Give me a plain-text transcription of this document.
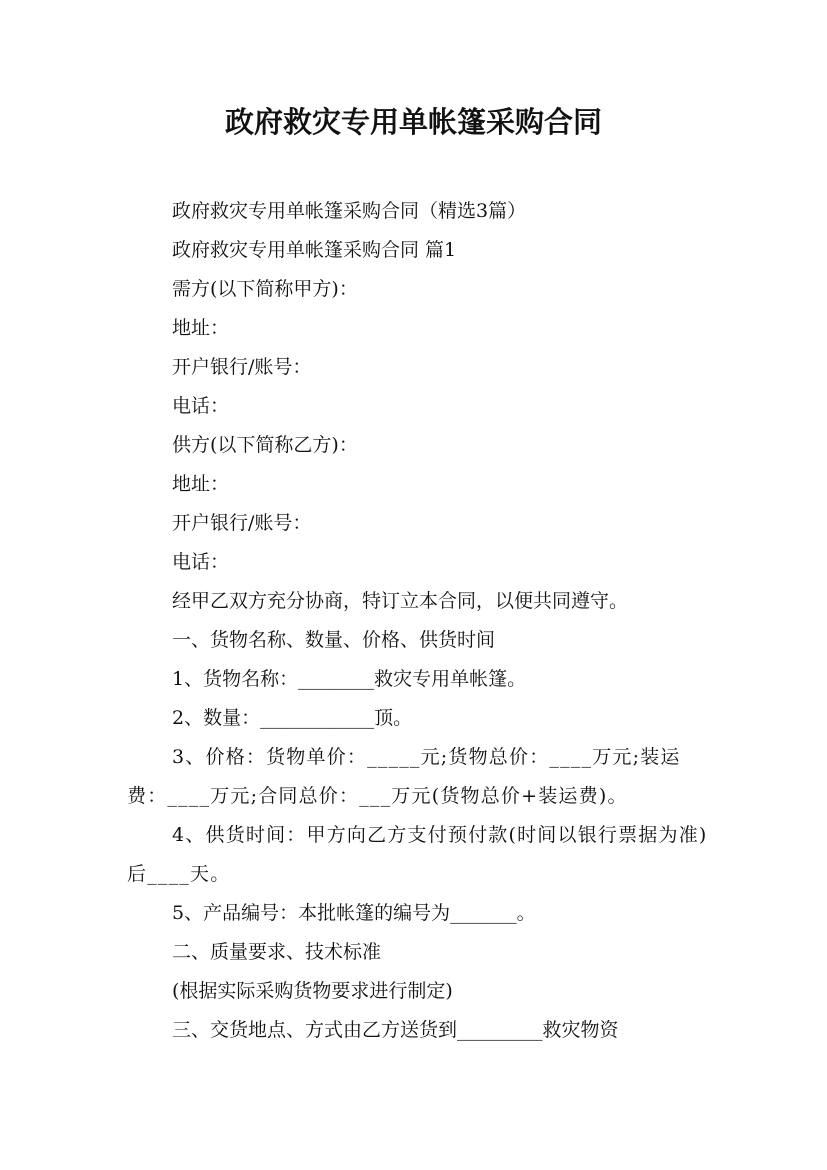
政府救灾专用单帐篷采购合同

政府救灾专用单帐篷采购合同（精选3篇）

政府救灾专用单帐篷采购合同 篇1

需方(以下简称甲方)：

地址：

开户银行/账号：

电话：

供方(以下简称乙方)：

地址：

开户银行/账号：

电话：

经甲乙双方充分协商，特订立本合同，以便共同遵守。

一、货物名称、数量、价格、供货时间

1、货物名称：________救灾专用单帐篷。

2、数量：____________顶。

3、价格：货物单价：_____元;货物总价：____万元;装运费：____万元;合同总价：___万元(货物总价+装运费)。

4、供货时间：甲方向乙方支付预付款(时间以银行票据为准)后____天。

5、产品编号：本批帐篷的编号为_______。

二、质量要求、技术标准

(根据实际采购货物要求进行制定)

三、交货地点、方式由乙方送货到_________救灾物资
